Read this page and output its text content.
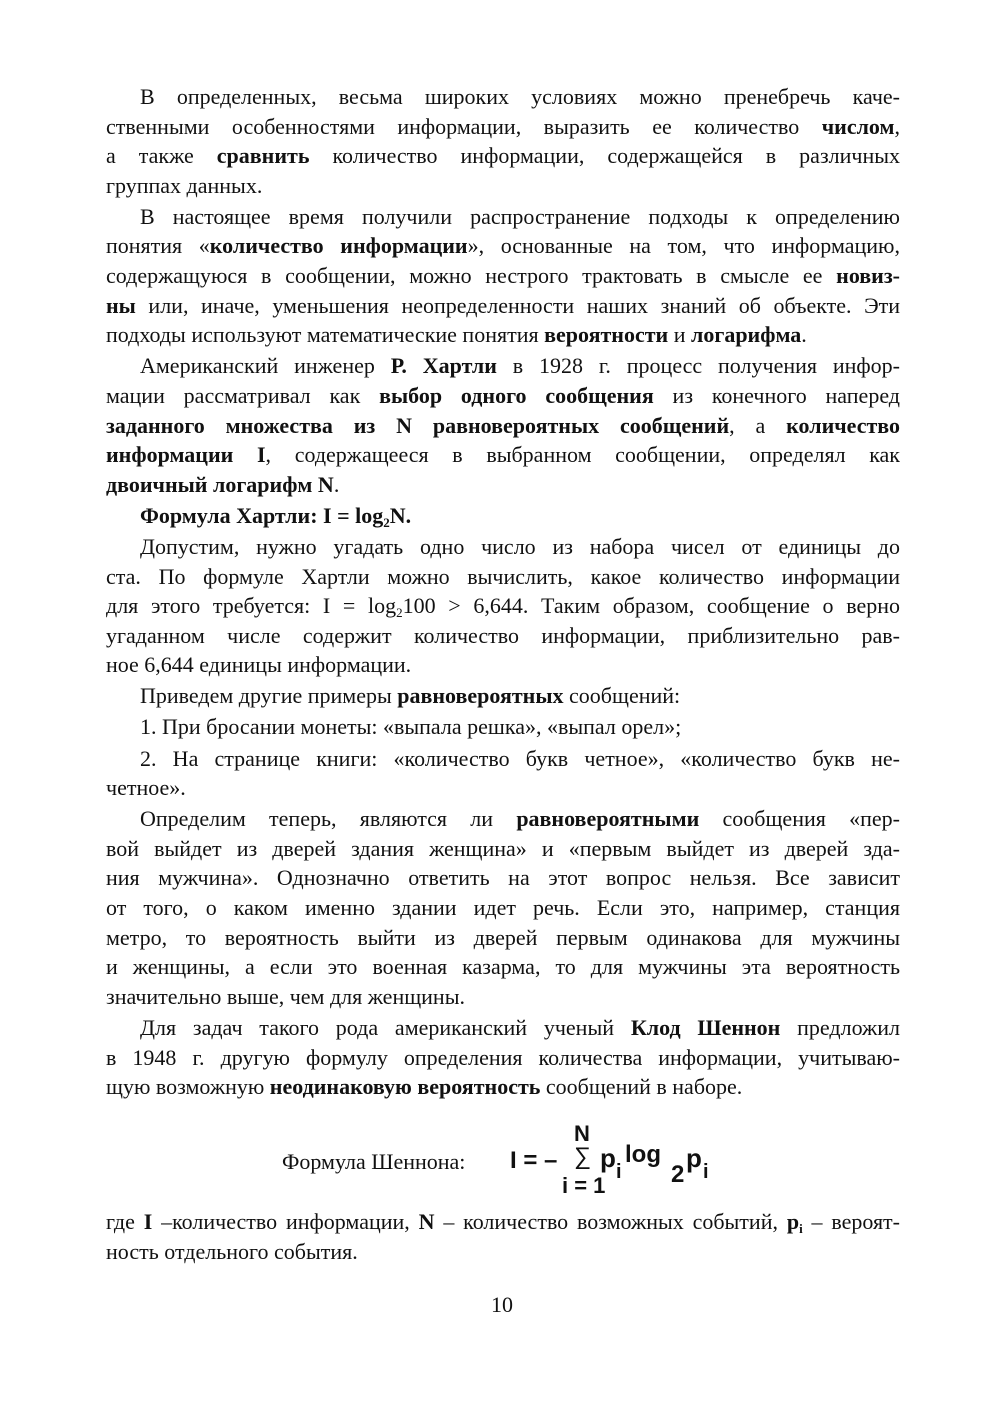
В определенных, весьма широких условиях можно пренебречь каче-
ственными особенностями информации, выразить ее количество числом,
а также сравнить количество информации, содержащейся в различных
группах данных.
В настоящее время получили распространение подходы к определению
понятия «количество информации», основанные на том, что информацию,
содержащуюся в сообщении, можно нестрого трактовать в смысле ее новиз-
ны или, иначе, уменьшения неопределенности наших знаний об объекте. Эти
подходы используют математические понятия вероятности и логарифма.
Американский инженер Р. Хартли в 1928 г. процесс получения инфор-
мации рассматривал как выбор одного сообщения из конечного наперед
заданного множества из N равновероятных сообщений, а количество
информации I, содержащееся в выбранном сообщении, определял как
двоичный логарифм N.
Формула Хартли: $I = \log_2N$.
Допустим, нужно угадать одно число из набора чисел от единицы до
ста. По формуле Хартли можно вычислить, какое количество информации
для этого требуется: $I = \log_2100 > 6,644$. Таким образом, сообщение о верно
угаданном числе содержит количество информации, приблизительно рав-
ное 6,644 единицы информации.
Приведем другие примеры равновероятных сообщений:
1. При бросании монеты: «выпала решка», «выпал орел»;
2. На странице книги: «количество букв четное», «количество букв не-
четное».
Определим теперь, являются ли равновероятными сообщения «пер-
вой выйдет из дверей здания женщина» и «первым выйдет из дверей зда-
ния мужчина». Однозначно ответить на этот вопрос нельзя. Все зависит
от того, о каком именно здании идет речь. Если это, например, станция
метро, то вероятность выйти из дверей первым одинакова для мужчины
и женщины, а если это военная казарма, то для мужчины эта вероятность
значительно выше, чем для женщины.
Для задач такого рода американский ученый Клод Шеннон предложил
в 1948 г. другую формулу определения количества информации, учитываю-
щую возможную неодинаковую вероятность сообщений в наборе.
Формула Шеннона: I = –
N
∑
i = 1
p i
log
2
p i
где I –количество информации, N – количество возможных событий, $p_i$ – вероят-
ность отдельного события.
10
